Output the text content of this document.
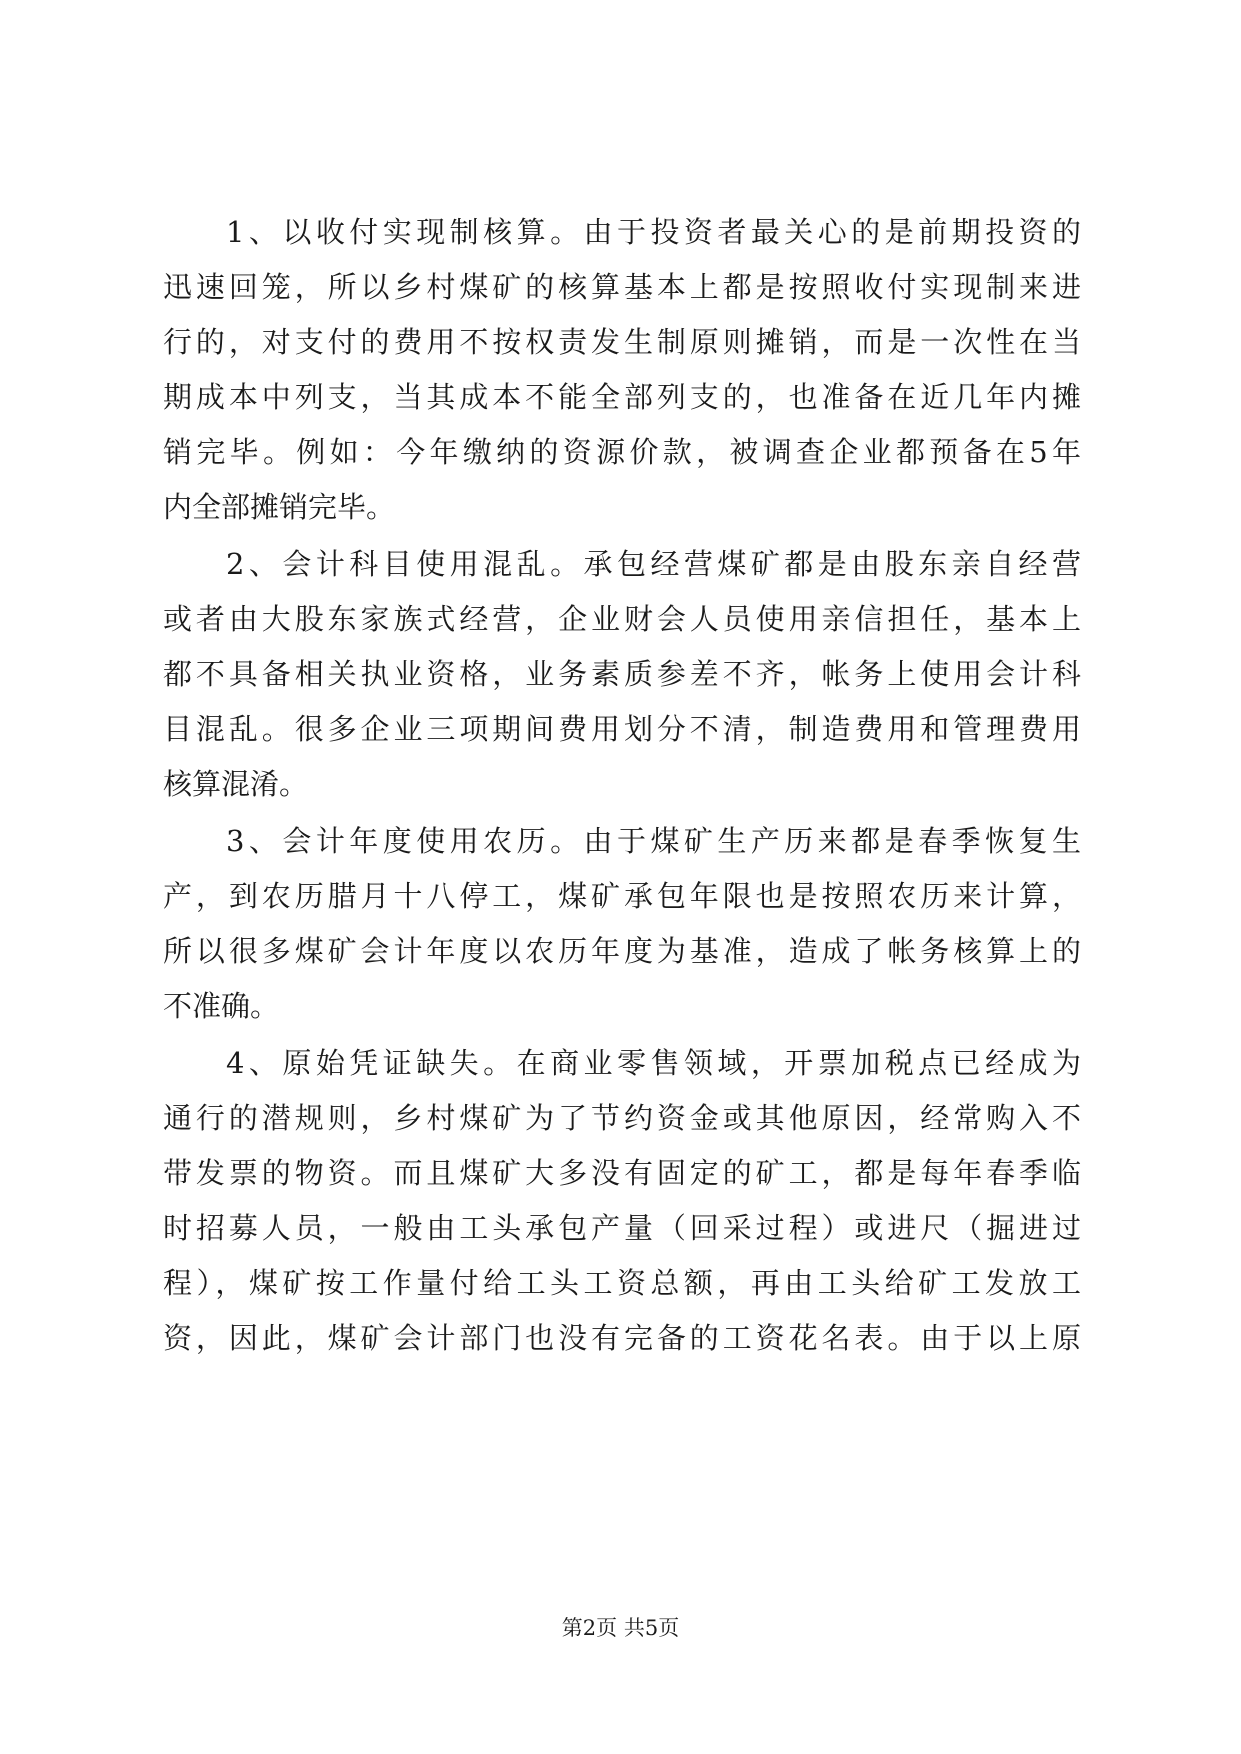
1、以收付实现制核算。由于投资者最关心的是前期投资的
迅速回笼，所以乡村煤矿的核算基本上都是按照收付实现制来进
行的，对支付的费用不按权责发生制原则摊销，而是一次性在当
期成本中列支，当其成本不能全部列支的，也准备在近几年内摊
销完毕。例如：今年缴纳的资源价款，被调查企业都预备在5年
内全部摊销完毕。
2、会计科目使用混乱。承包经营煤矿都是由股东亲自经营
或者由大股东家族式经营，企业财会人员使用亲信担任，基本上
都不具备相关执业资格，业务素质参差不齐，帐务上使用会计科
目混乱。很多企业三项期间费用划分不清，制造费用和管理费用
核算混淆。
3、会计年度使用农历。由于煤矿生产历来都是春季恢复生
产，到农历腊月十八停工，煤矿承包年限也是按照农历来计算，
所以很多煤矿会计年度以农历年度为基准，造成了帐务核算上的
不准确。
4、原始凭证缺失。在商业零售领域，开票加税点已经成为
通行的潜规则，乡村煤矿为了节约资金或其他原因，经常购入不
带发票的物资。而且煤矿大多没有固定的矿工，都是每年春季临
时招募人员，一般由工头承包产量（回采过程）或进尺（掘进过
程），煤矿按工作量付给工头工资总额，再由工头给矿工发放工
资，因此，煤矿会计部门也没有完备的工资花名表。由于以上原
第2页 共5页
